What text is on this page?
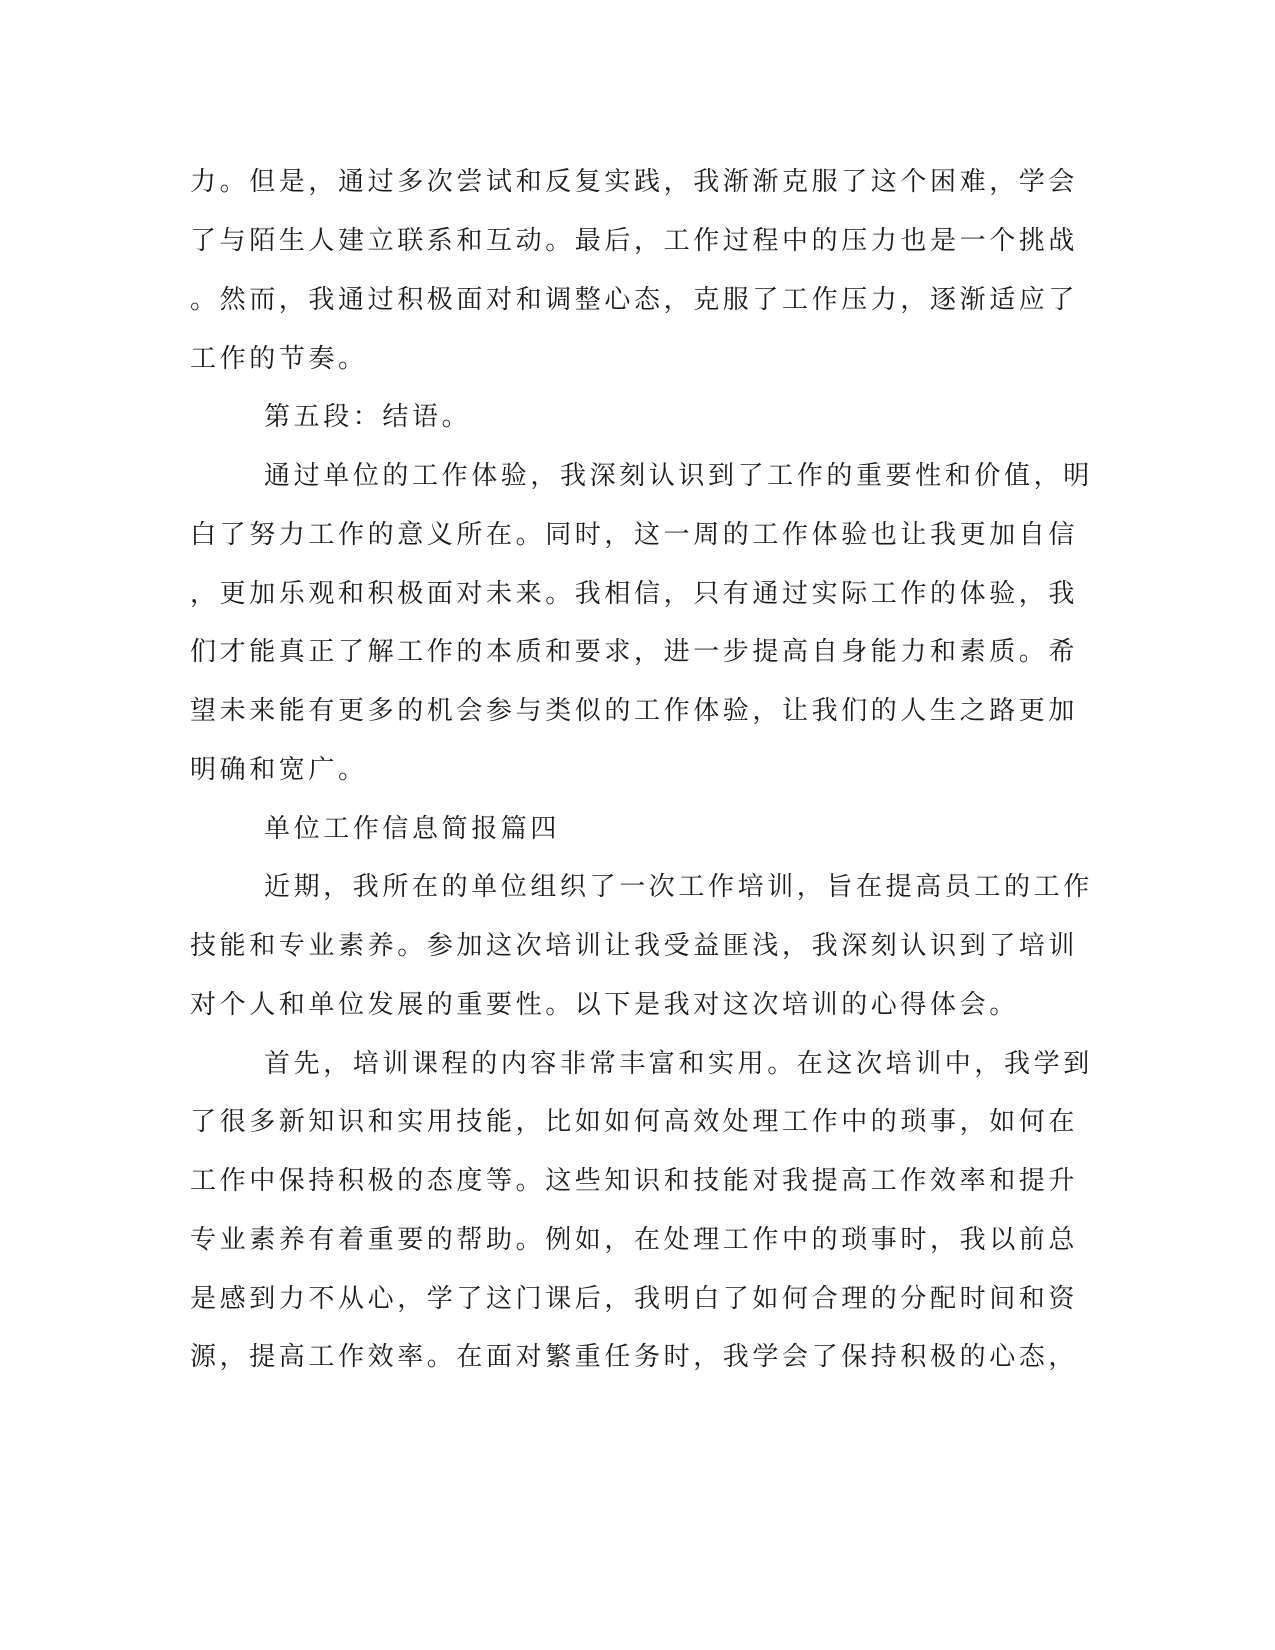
力。但是，通过多次尝试和反复实践，我渐渐克服了这个困难，学会

了与陌生人建立联系和互动。最后，工作过程中的压力也是一个挑战

。然而，我通过积极面对和调整心态，克服了工作压力，逐渐适应了

工作的节奏。

第五段：结语。

通过单位的工作体验，我深刻认识到了工作的重要性和价值，明

白了努力工作的意义所在。同时，这一周的工作体验也让我更加自信

，更加乐观和积极面对未来。我相信，只有通过实际工作的体验，我

们才能真正了解工作的本质和要求，进一步提高自身能力和素质。希

望未来能有更多的机会参与类似的工作体验，让我们的人生之路更加

明确和宽广。

单位工作信息简报篇四

近期，我所在的单位组织了一次工作培训，旨在提高员工的工作

技能和专业素养。参加这次培训让我受益匪浅，我深刻认识到了培训

对个人和单位发展的重要性。以下是我对这次培训的心得体会。

首先，培训课程的内容非常丰富和实用。在这次培训中，我学到

了很多新知识和实用技能，比如如何高效处理工作中的琐事，如何在

工作中保持积极的态度等。这些知识和技能对我提高工作效率和提升

专业素养有着重要的帮助。例如，在处理工作中的琐事时，我以前总

是感到力不从心，学了这门课后，我明白了如何合理的分配时间和资

源，提高工作效率。在面对繁重任务时，我学会了保持积极的心态，
